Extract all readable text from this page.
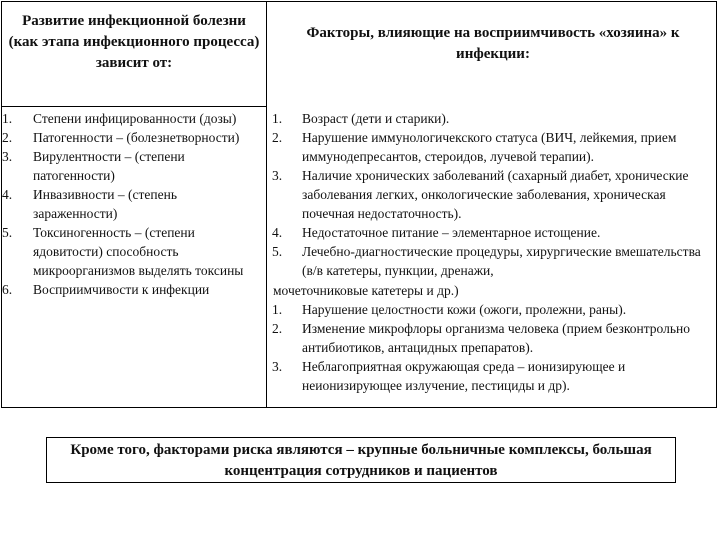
Развитие инфекционной болезни (как этапа инфекционного процесса) зависит от:
Факторы, влияющие на восприимчивость «хозяина» к инфекции:
1. Степени инфицированности (дозы)
2. Патогенности – (болезнетворности)
3. Вирулентности – (степени патогенности)
4. Инвазивности – (степень зараженности)
5. Токсиногенность – (степени ядовитости) способность микроорганизмов выделять токсины
6. Восприимчивости к инфекции
1. Возраст (дети и старики).
2. Нарушение иммунологичекского статуса (ВИЧ, лейкемия, прием иммунодепресантов, стероидов, лучевой терапии).
3. Наличие хронических заболеваний (сахарный диабет, хронические заболевания легких, онкологические заболевания, хроническая почечная недостаточность).
4. Недостаточное питание – элементарное истощение.
5. Лечебно-диагностические процедуры, хирургические вмешательства (в/в катетеры, пункции, дренажи,
мочеточниковые катетеры и др.)
1. Нарушение целостности кожи (ожоги, пролежни, раны).
2. Изменение микрофлоры организма человека (прием безконтрольно антибиотиков, антацидных препаратов).
3. Неблагоприятная окружающая среда – ионизирующее и неионизирующее излучение, пестициды и др).
Кроме того, факторами риска являются – крупные больничные комплексы, большая концентрация сотрудников и пациентов
